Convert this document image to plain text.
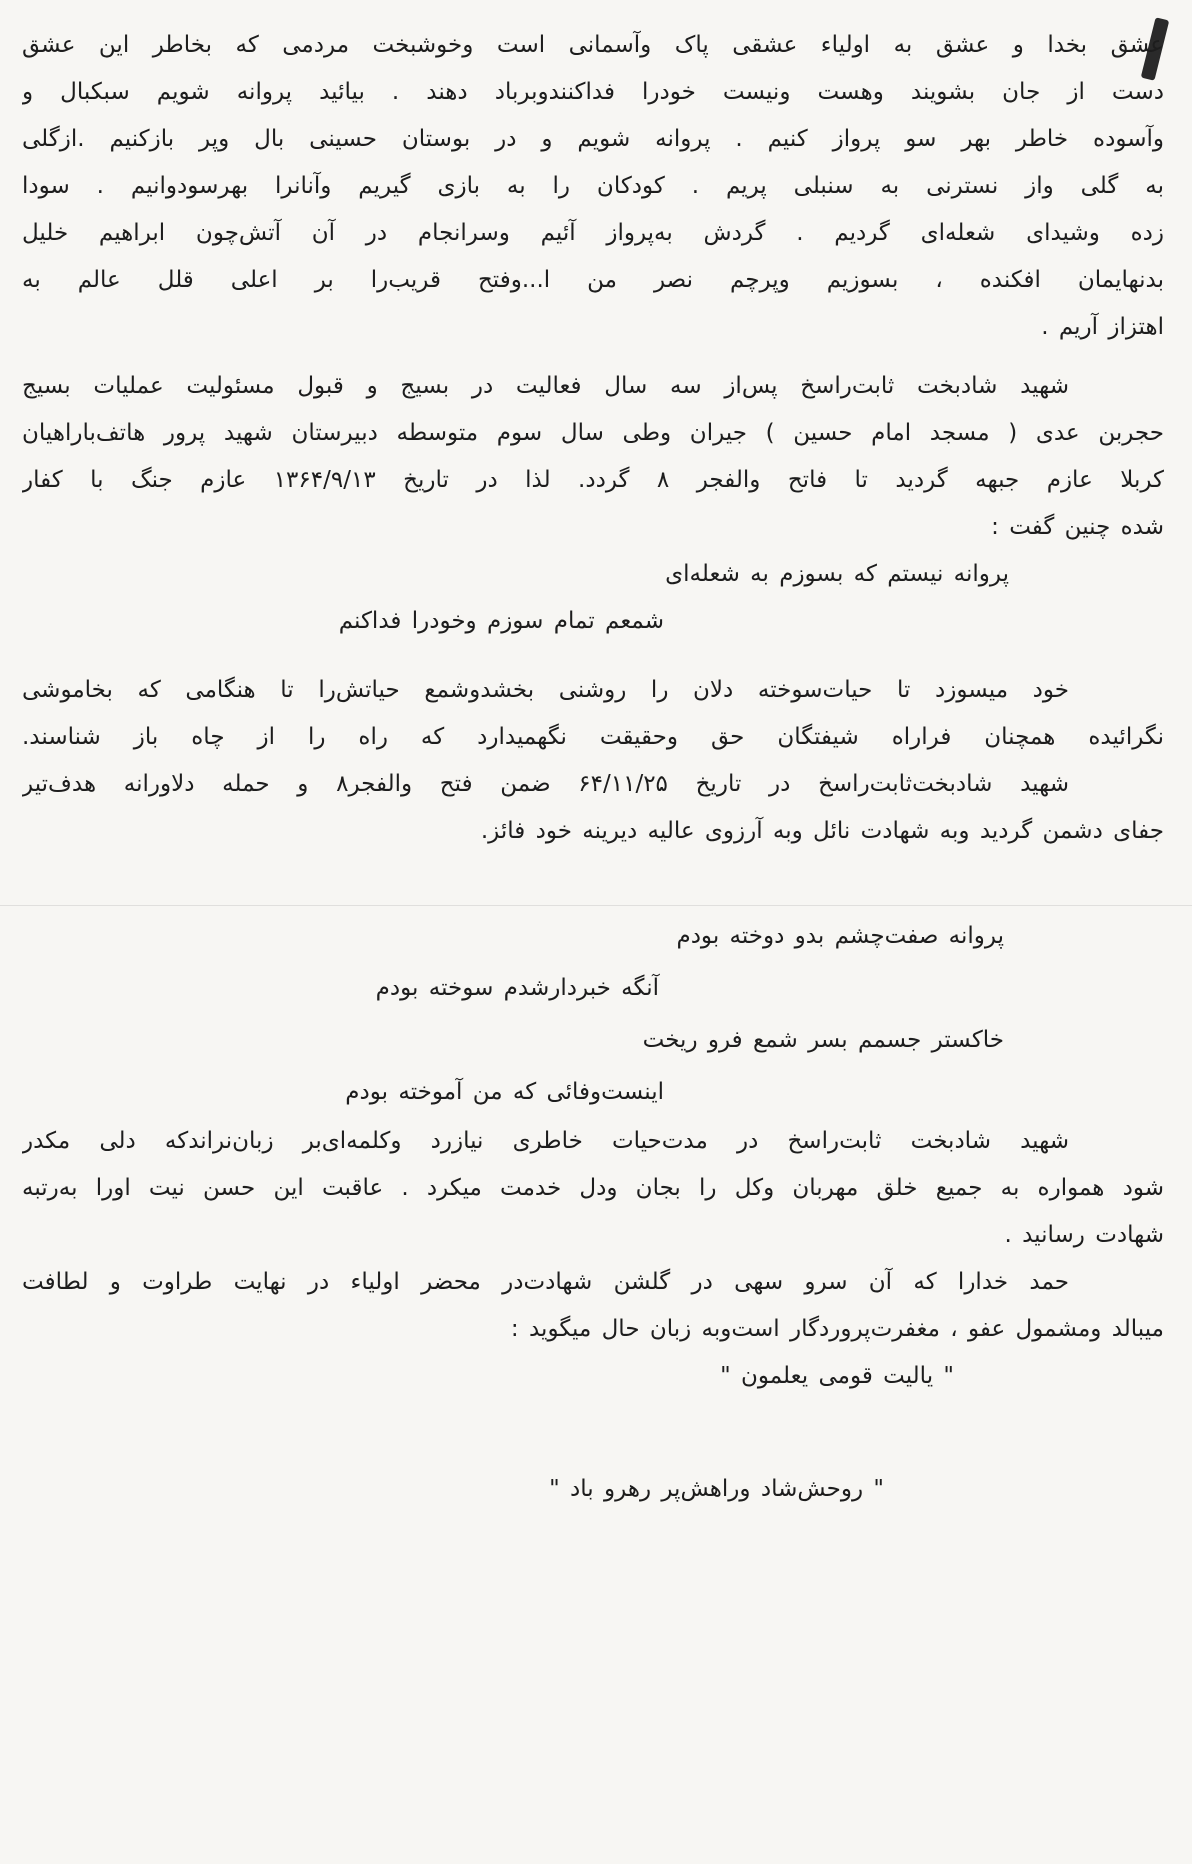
عشق بخدا و عشق به اولیاء عشقی پاک وآسمانی است وخوشبخت مردمی که بخاطر این عشق
دست از جان بشویند وهست ونیست خودرا فداکنندوبرباد دهند . بیائید پروانه شویم سبکبال و
وآسوده خاطر بهر سو پرواز کنیم . پروانه شویم و در بوستان حسینی بال وپر بازکنیم .ازگلی
به گلی واز نسترنی به سنبلی پریم . کودکان را به بازی گیریم وآنانرا بهرسودوانیم . سودا
زده وشیدای شعله‌ای گردیم . گردش به‌پرواز آئیم وسرانجام در آن آتش‌چون ابراهیم خلیل
بدنهایمان افکنده ، بسوزیم وپرچم نصر من ا...وفتح قریب‌را بر اعلی قلل عالم به
اهتزاز آریم .
شهید شادبخت ثابت‌راسخ پس‌از سه سال فعالیت در بسیج و قبول مسئولیت عملیات بسیج
حجربن عدی ( مسجد امام حسین ) جیران وطی سال سوم متوسطه دبیرستان شهید پرور هاتف‌باراهیان
کربلا عازم جبهه گردید تا فاتح والفجر ۸ گردد. لذا در تاریخ ۱۳۶۴/۹/۱۳ عازم جنگ با کفار
شده چنین گفت :
پروانه نیستم که بسوزم به شعله‌ای
شمعم تمام سوزم وخودرا فداکنم
خود میسوزد تا حیات‌سوخته دلان را روشنی بخشدوشمع حیاتش‌را تا هنگامی که بخاموشی
نگرائیده همچنان فراراه شیفتگان حق وحقیقت نگهمیدارد که راه را از چاه باز شناسند.
شهید شادبخت‌ثابت‌راسخ در تاریخ ۶۴/۱۱/۲۵ ضمن فتح والفجر۸ و حمله دلاورانه هدف‌تیر
جفای دشمن گردید وبه شهادت نائل وبه آرزوی عالیه دیرینه خود فائز.
پروانه صفت‌چشم بدو دوخته بودم
آنگه خبردارشدم سوخته بودم
خاکستر جسمم بسر شمع فرو ریخت
اینست‌وفائی که من آموخته بودم
شهید شادبخت ثابت‌راسخ در مدت‌حیات خاطری نیازرد وکلمه‌ای‌بر زبان‌نراندکه دلی مکدر
شود همواره به جمیع خلق مهربان وکل را بجان ودل خدمت میکرد . عاقبت این حسن نیت اورا به‌رتبه
شهادت رسانید .
حمد خدارا که آن سرو سهی در گلشن شهادت‌در محضر اولیاء در نهایت طراوت و لطافت
میبالد ومشمول عفو ، مغفرت‌پروردگار است‌وبه زبان حال میگوید :
" یالیت قومی یعلمون "
" روحش‌شاد وراهش‌پر رهرو باد "
